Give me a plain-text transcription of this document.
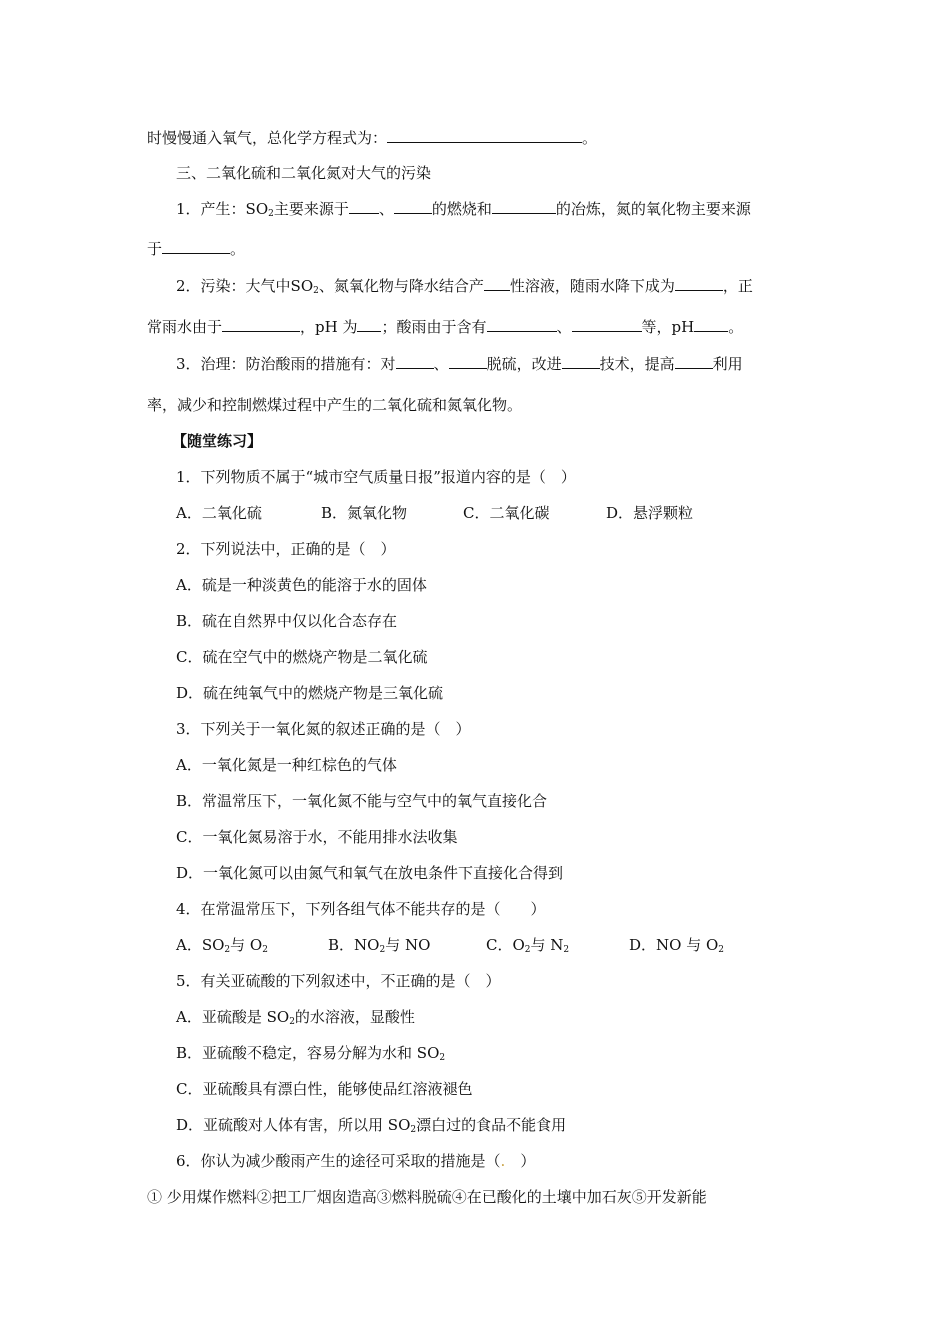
时慢慢通入氧气，总化学方程式为：	。
三、二氧化硫和二氧化氮对大气的污染
1．产生：$SO_2$主要来源于 、	的燃烧和	的冶炼，氮的氧化物主要来源
于	。
2．污染：大气中$SO_2$、氮氧化物与降水结合产 性溶液，随雨水降下成为	，正
常雨水由于	，pH 为 ；酸雨由于含有	、	等，pH 。
3．治理：防治酸雨的措施有：对	、	脱硫，改进	技术，提高	利用
率，减少和控制燃煤过程中产生的二氧化硫和氮氧化物。
【随堂练习】
1．下列物质不属于“城市空气质量日报”报道内容的是（　）
A．二氧化硫	B．氮氧化物	C．二氧化碳	D．悬浮颗粒
2．下列说法中，正确的是（　）
A．硫是一种淡黄色的能溶于水的固体
B．硫在自然界中仅以化合态存在
C．硫在空气中的燃烧产物是二氧化硫
D．硫在纯氧气中的燃烧产物是三氧化硫
3．下列关于一氧化氮的叙述正确的是（　）
A．一氧化氮是一种红棕色的气体
B．常温常压下，一氧化氮不能与空气中的氧气直接化合
C．一氧化氮易溶于水，不能用排水法收集
D．一氧化氮可以由氮气和氧气在放电条件下直接化合得到
4．在常温常压下，下列各组气体不能共存的是（　　）
A．$SO_2$与 $O_2$	B．$NO_2$与 NO	C．$O_2$与 $N_2$	D．NO 与 $O_2$
5．有关亚硫酸的下列叙述中，不正确的是（　）
A．亚硫酸是 $SO_2$的水溶液，显酸性
B．亚硫酸不稳定，容易分解为水和 $SO_2$
C．亚硫酸具有漂白性，能够使品红溶液褪色
D．亚硫酸对人体有害，所以用 $SO_2$漂白过的食品不能食用
6．你认为减少酸雨产生的途径可采取的措施是（.　）
① 少用煤作燃料②把工厂烟囱造高③燃料脱硫④在已酸化的土壤中加石灰⑤开发新能
